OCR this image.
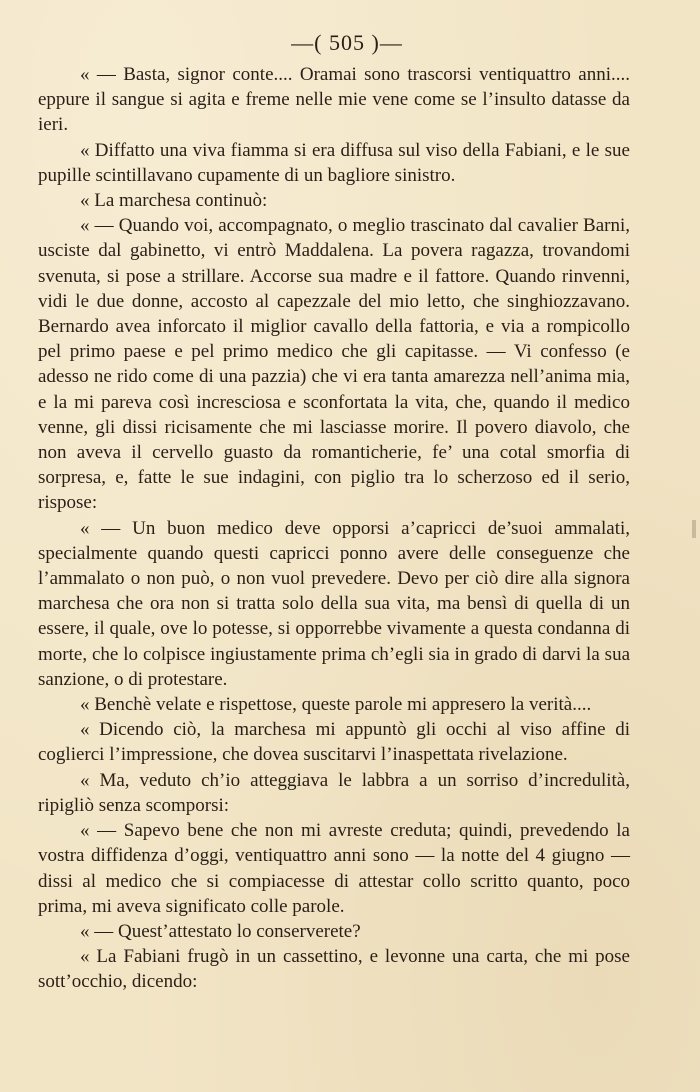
—( 505 )—

« — Basta, signor conte.... Oramai sono trascorsi ventiquattro anni.... eppure il sangue si agita e freme nelle mie vene come se l’insulto datasse da ieri.

« Diffatto una viva fiamma si era diffusa sul viso della Fabiani, e le sue pupille scintillavano cupamente di un bagliore sinistro.

« La marchesa continuò:

« — Quando voi, accompagnato, o meglio trascinato dal cavalier Barni, usciste dal gabinetto, vi entrò Maddalena. La povera ragazza, trovandomi svenuta, si pose a strillare. Accorse sua madre e il fattore. Quando rinvenni, vidi le due donne, accosto al capezzale del mio letto, che singhiozzavano. Bernardo avea inforcato il miglior cavallo della fattoria, e via a rompicollo pel primo paese e pel primo medico che gli capitasse. — Vi confesso (e adesso ne rido come di una pazzia) che vi era tanta amarezza nell’anima mia, e la mi pareva così incresciosa e sconfortata la vita, che, quando il medico venne, gli dissi ricisamente che mi lasciasse morire. Il povero diavolo, che non aveva il cervello guasto da romanticherie, fe’ una cotal smorfia di sorpresa, e, fatte le sue indagini, con piglio tra lo scherzoso ed il serio, rispose:

« — Un buon medico deve opporsi a’capricci de’suoi ammalati, specialmente quando questi capricci ponno avere delle conseguenze che l’ammalato o non può, o non vuol prevedere. Devo per ciò dire alla signora marchesa che ora non si tratta solo della sua vita, ma bensì di quella di un essere, il quale, ove lo potesse, si opporrebbe vivamente a questa condanna di morte, che lo colpisce ingiustamente prima ch’egli sia in grado di darvi la sua sanzione, o di protestare.

« Benchè velate e rispettose, queste parole mi appresero la verità....

« Dicendo ciò, la marchesa mi appuntò gli occhi al viso affine di coglierci l’impressione, che dovea suscitarvi l’inaspettata rivelazione.

« Ma, veduto ch’io atteggiava le labbra a un sorriso d’incredulità, ripigliò senza scomporsi:

« — Sapevo bene che non mi avreste creduta; quindi, prevedendo la vostra diffidenza d’oggi, ventiquattro anni sono — la notte del 4 giugno — dissi al medico che si compiacesse di attestar collo scritto quanto, poco prima, mi aveva significato colle parole.

« — Quest’attestato lo conserverete?

« La Fabiani frugò in un cassettino, e levonne una carta, che mi pose sott’occhio, dicendo:
